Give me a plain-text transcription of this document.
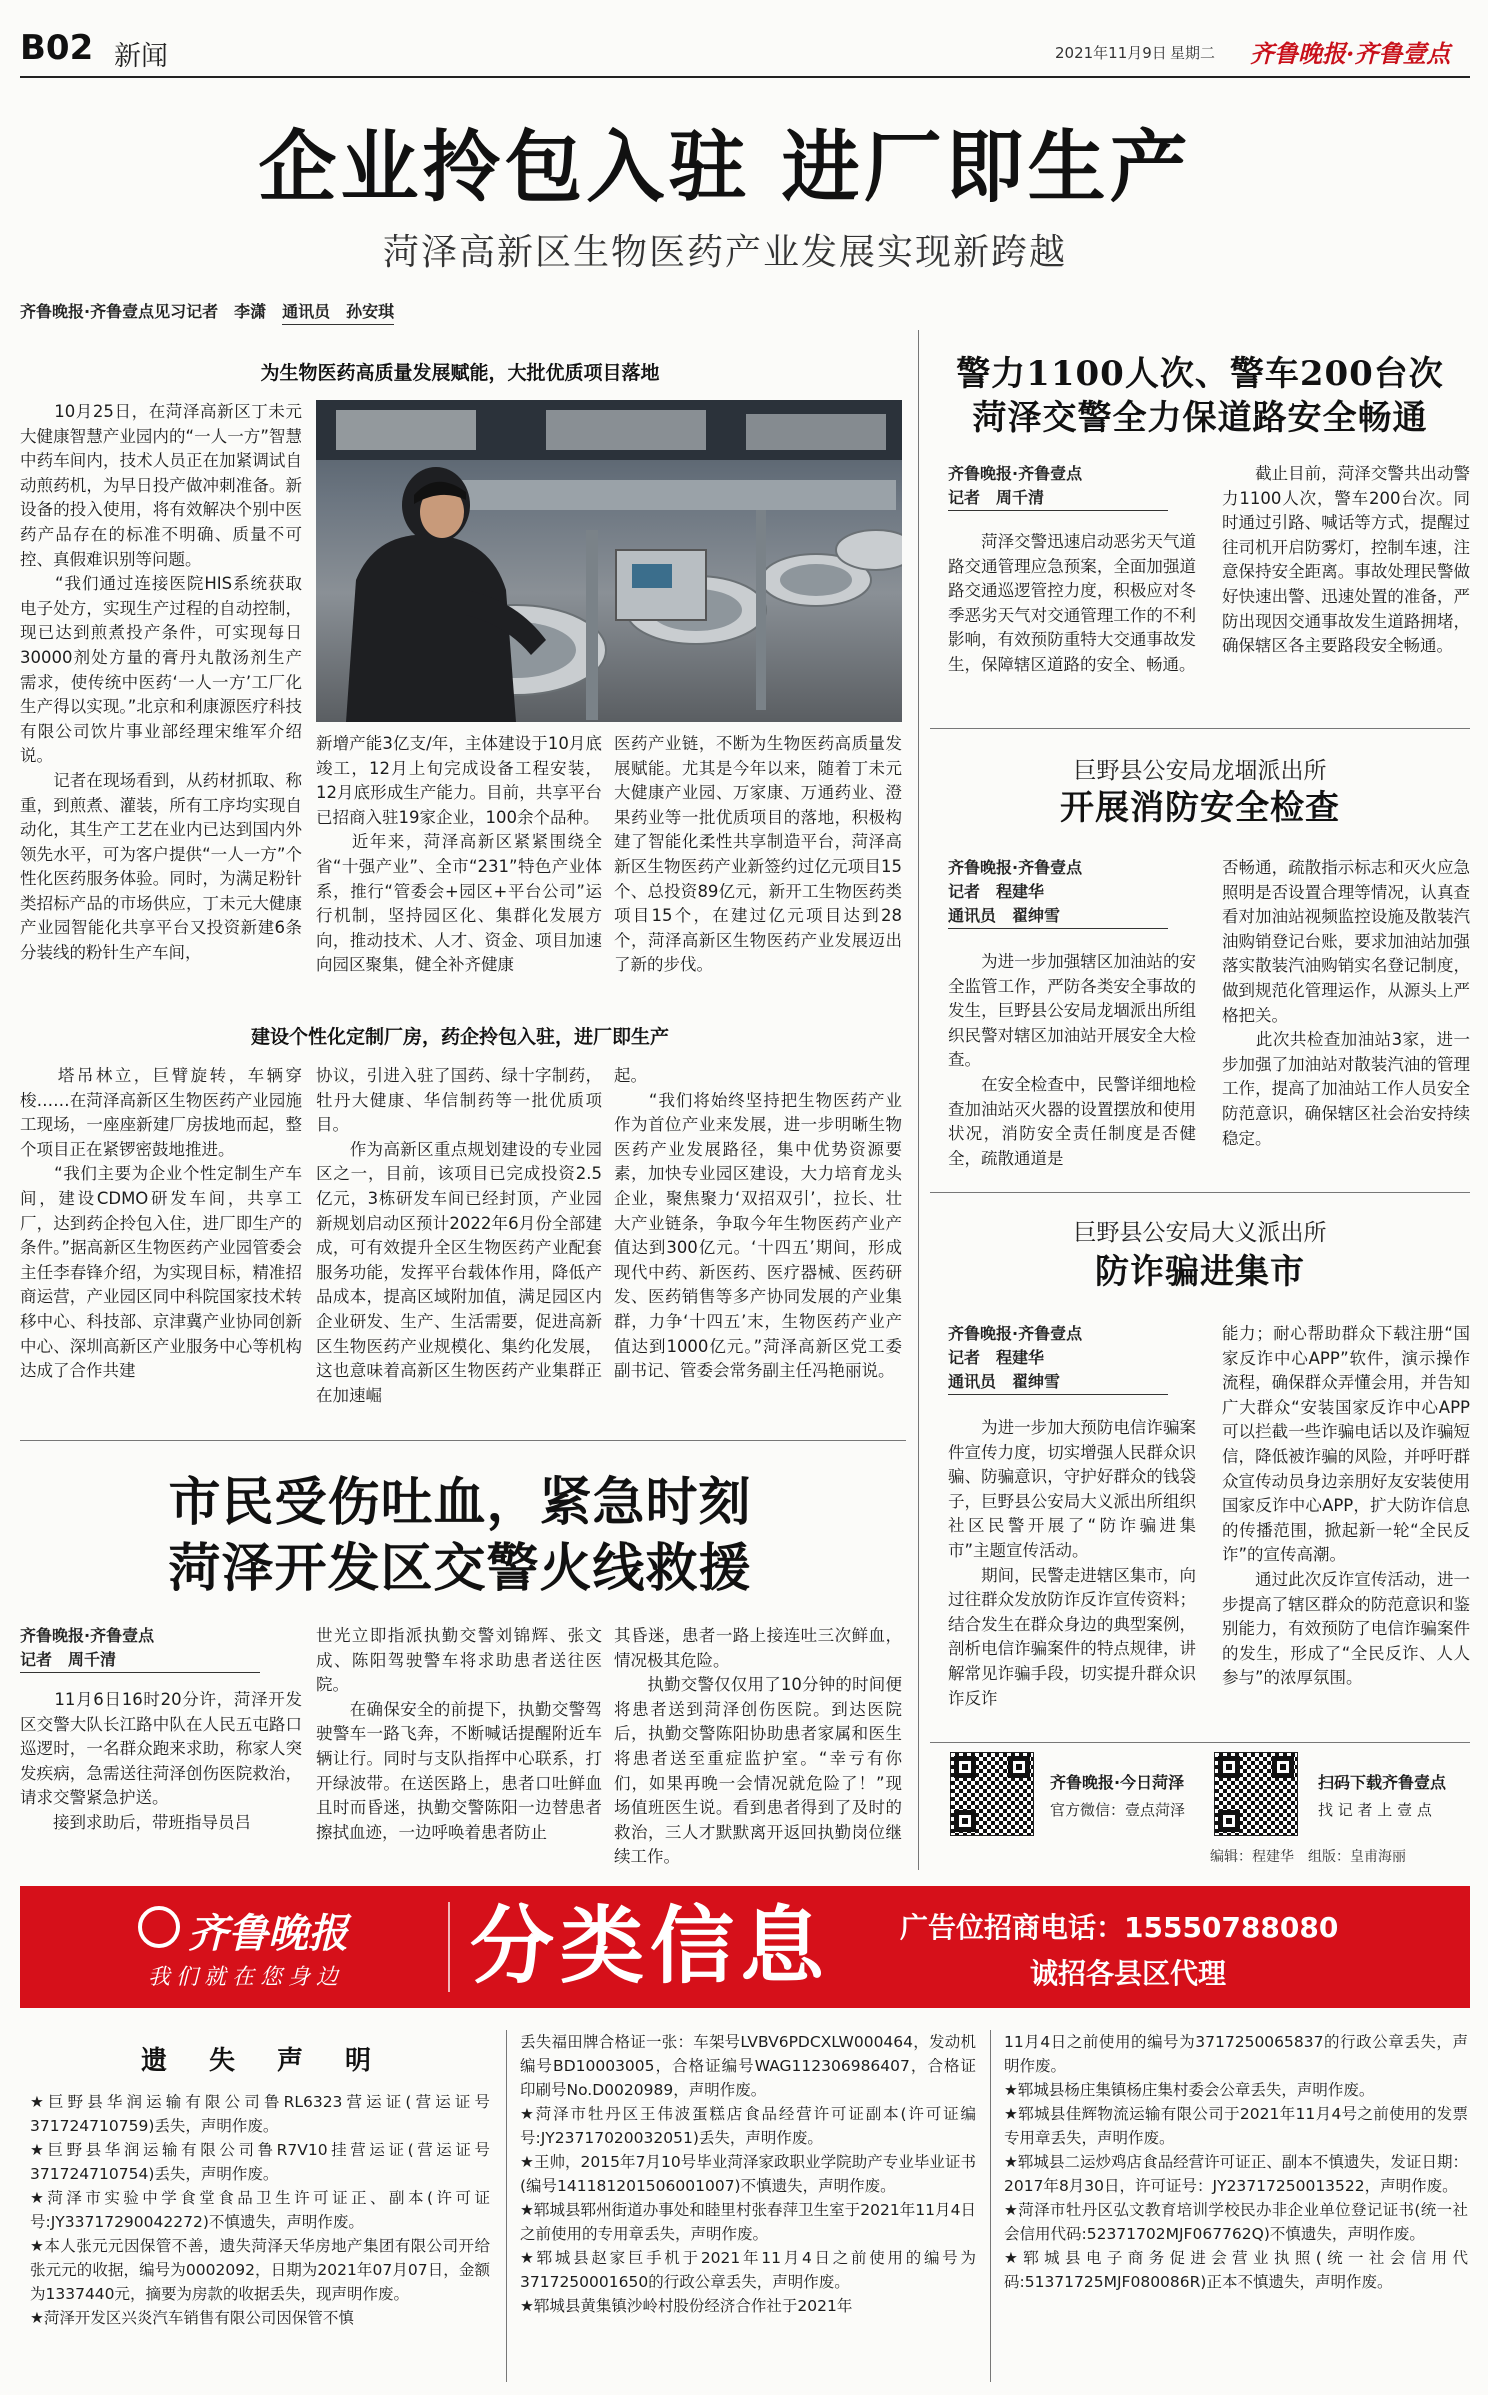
B02 新闻	2021年11月9日 星期二 齐鲁晚报·齐鲁壹点
企业拎包入驻 进厂即生产
菏泽高新区生物医药产业发展实现新跨越
齐鲁晚报·齐鲁壹点见习记者　李潇　通讯员　孙安琪
为生物医药高质量发展赋能，大批优质项目落地
　　10月25日，在菏泽高新区丁未元大健康智慧产业园内的“一人一方”智慧中药车间内，技术人员正在加紧调试自动煎药机，为早日投产做冲刺准备。新设备的投入使用，将有效解决个别中医药产品存在的标准不明确、质量不可控、真假难识别等问题。
　　“我们通过连接医院HIS系统获取电子处方，实现生产过程的自动控制，现已达到煎煮投产条件，可实现每日30000剂处方量的膏丹丸散汤剂生产需求，使传统中医药‘一人一方’工厂化生产得以实现。”北京和利康源医疗科技有限公司饮片事业部经理宋维军介绍说。
　　记者在现场看到，从药材抓取、称重，到煎煮、灌装，所有工序均实现自动化，其生产工艺在业内已达到国内外领先水平，可为客户提供“一人一方”个性化医药服务体验。同时，为满足粉针类招标产品的市场供应，丁未元大健康产业园智能化共享平台又投资新建6条分装线的粉针生产车间，
新增产能3亿支/年，主体建设于10月底竣工，12月上旬完成设备工程安装，12月底形成生产能力。目前，共享平台已招商入驻19家企业，100余个品种。
　　近年来，菏泽高新区紧紧围绕全省“十强产业”、全市“231”特色产业体系，推行“管委会+园区+平台公司”运行机制，坚持园区化、集群化发展方向，推动技术、人才、资金、项目加速向园区聚集，健全补齐健康
医药产业链，不断为生物医药高质量发展赋能。尤其是今年以来，随着丁未元大健康产业园、万家康、万通药业、澄果药业等一批优质项目的落地，积极构建了智能化柔性共享制造平台，菏泽高新区生物医药产业新签约过亿元项目15个、总投资89亿元，新开工生物医药类项目15个，在建过亿元项目达到28个，菏泽高新区生物医药产业发展迈出了新的步伐。
建设个性化定制厂房，药企拎包入驻，进厂即生产
　　塔吊林立，巨臂旋转，车辆穿梭……在菏泽高新区生物医药产业园施工现场，一座座新建厂房拔地而起，整个项目正在紧锣密鼓地推进。
　　“我们主要为企业个性定制生产车间，建设CDMO研发车间，共享工厂，达到药企拎包入住，进厂即生产的条件。”据高新区生物医药产业园管委会主任李春锋介绍，为实现目标，精准招商运营，产业园区同中科院国家技术转移中心、科技部、京津冀产业协同创新中心、深圳高新区产业服务中心等机构达成了合作共建
协议，引进入驻了国药、绿十字制药，牡丹大健康、华信制药等一批优质项目。
　　作为高新区重点规划建设的专业园区之一，目前，该项目已完成投资2.5亿元，3栋研发车间已经封顶，产业园新规划启动区预计2022年6月份全部建成，可有效提升全区生物医药产业配套服务功能，发挥平台载体作用，降低产品成本，提高区域附加值，满足园区内企业研发、生产、生活需要，促进高新区生物医药产业规模化、集约化发展，这也意味着高新区生物医药产业集群正在加速崛
起。
　　“我们将始终坚持把生物医药产业作为首位产业来发展，进一步明晰生物医药产业发展路径，集中优势资源要素，加快专业园区建设，大力培育龙头企业，聚焦聚力‘双招双引’，拉长、壮大产业链条，争取今年生物医药产业产值达到300亿元。‘十四五’期间，形成现代中药、新医药、医疗器械、医药研发、医药销售等多产协同发展的产业集群，力争‘十四五’末，生物医药产业产值达到1000亿元。”菏泽高新区党工委副书记、管委会常务副主任冯艳丽说。
警力1100人次、警车200台次
菏泽交警全力保道路安全畅通
齐鲁晚报·齐鲁壹点
记者　周千清
　　菏泽交警迅速启动恶劣天气道路交通管理应急预案，全面加强道路交通巡逻管控力度，积极应对冬季恶劣天气对交通管理工作的不利影响，有效预防重特大交通事故发生，保障辖区道路的安全、畅通。
　　截止目前，菏泽交警共出动警力1100人次，警车200台次。同时通过引路、喊话等方式，提醒过往司机开启防雾灯，控制车速，注意保持安全距离。事故处理民警做好快速出警、迅速处置的准备，严防出现因交通事故发生道路拥堵，确保辖区各主要路段安全畅通。
巨野县公安局龙堌派出所
开展消防安全检查
齐鲁晚报·齐鲁壹点
记者　程建华
通讯员　翟绅雪
　　为进一步加强辖区加油站的安全监管工作，严防各类安全事故的发生，巨野县公安局龙堌派出所组织民警对辖区加油站开展安全大检查。
　　在安全检查中，民警详细地检查加油站灭火器的设置摆放和使用状况，消防安全责任制度是否健全，疏散通道是
否畅通，疏散指示标志和灭火应急照明是否设置合理等情况，认真查看对加油站视频监控设施及散装汽油购销登记台账，要求加油站加强落实散装汽油购销实名登记制度，做到规范化管理运作，从源头上严格把关。
　　此次共检查加油站3家，进一步加强了加油站对散装汽油的管理工作，提高了加油站工作人员安全防范意识，确保辖区社会治安持续稳定。
巨野县公安局大义派出所
防诈骗进集市
齐鲁晚报·齐鲁壹点
记者　程建华
通讯员　翟绅雪
　　为进一步加大预防电信诈骗案件宣传力度，切实增强人民群众识骗、防骗意识，守护好群众的钱袋子，巨野县公安局大义派出所组织社区民警开展了“防诈骗进集市”主题宣传活动。
　　期间，民警走进辖区集市，向过往群众发放防诈反诈宣传资料；结合发生在群众身边的典型案例，剖析电信诈骗案件的特点规律，讲解常见诈骗手段，切实提升群众识诈反诈
能力；耐心帮助群众下载注册“国家反诈中心APP”软件，演示操作流程，确保群众弄懂会用，并告知广大群众“安装国家反诈中心APP可以拦截一些诈骗电话以及诈骗短信，降低被诈骗的风险，并呼吁群众宣传动员身边亲朋好友安装使用国家反诈中心APP，扩大防诈信息的传播范围，掀起新一轮“全民反诈”的宣传高潮。
　　通过此次反诈宣传活动，进一步提高了辖区群众的防范意识和鉴别能力，有效预防了电信诈骗案件的发生，形成了“全民反诈、人人参与”的浓厚氛围。
齐鲁晚报·今日菏泽
官方微信：壹点菏泽
扫码下载齐鲁壹点
找 记 者 上 壹 点
编辑：程建华　组版：皇甫海丽
市民受伤吐血，紧急时刻
菏泽开发区交警火线救援
齐鲁晚报·齐鲁壹点
记者　周千清
　　11月6日16时20分许，菏泽开发区交警大队长江路中队在人民五屯路口巡逻时，一名群众跑来求助，称家人突发疾病，急需送往菏泽创伤医院救治，请求交警紧急护送。
　　接到求助后，带班指导员吕
世光立即指派执勤交警刘锦辉、张文成、陈阳驾驶警车将求助患者送往医院。
　　在确保安全的前提下，执勤交警驾驶警车一路飞奔，不断喊话提醒附近车辆让行。同时与支队指挥中心联系，打开绿波带。在送医路上，患者口吐鲜血且时而昏迷，执勤交警陈阳一边替患者擦拭血迹，一边呼唤着患者防止
其昏迷，患者一路上接连吐三次鲜血，情况极其危险。
　　执勤交警仅仅用了10分钟的时间便将患者送到菏泽创伤医院。到达医院后，执勤交警陈阳协助患者家属和医生将患者送至重症监护室。“幸亏有你们，如果再晚一会情况就危险了！”现场值班医生说。看到患者得到了及时的救治，三人才默默离开返回执勤岗位继续工作。
齐鲁晚报
我们就在您身边 分类信息 广告位招商电话：15550788080
诚招各县区代理
遗　失　声　明
★巨野县华润运输有限公司鲁RL6323营运证(营运证号371724710759)丢失，声明作废。
★巨野县华润运输有限公司鲁R7V10挂营运证(营运证号371724710754)丢失，声明作废。
★菏泽市实验中学食堂食品卫生许可证正、副本(许可证号:JY33717290042272)不慎遗失，声明作废。
★本人张元元因保管不善，遗失菏泽天华房地产集团有限公司开给张元元的收据，编号为0002092，日期为2021年07月07日，金额为1337440元，摘要为房款的收据丢失，现声明作废。
★菏泽开发区兴炎汽车销售有限公司因保管不慎
丢失福田牌合格证一张：车架号LVBV6PDCXLW000464，发动机编号BD10003005，合格证编号WAG112306986407，合格证印刷号No.D0020989，声明作废。
★菏泽市牡丹区王伟波蛋糕店食品经营许可证副本(许可证编号:JY23717020032051)丢失，声明作废。
★王帅，2015年7月10号毕业菏泽家政职业学院助产专业毕业证书(编号141181201506001007)不慎遗失，声明作废。
★郓城县郓州街道办事处和睦里村张春萍卫生室于2021年11月4日之前使用的专用章丢失，声明作废。
★郓城县赵家巨手机于2021年11月4日之前使用的编号为3717250001650的行政公章丢失，声明作废。
★郓城县黄集镇沙岭村股份经济合作社于2021年
11月4日之前使用的编号为3717250065837的行政公章丢失，声明作废。
★郓城县杨庄集镇杨庄集村委会公章丢失，声明作废。
★郓城县佳辉物流运输有限公司于2021年11月4号之前使用的发票专用章丢失，声明作废。
★郓城县二运炒鸡店食品经营许可证正、副本不慎遗失，发证日期：2017年8月30日，许可证号：JY23717250013522，声明作废。
★菏泽市牡丹区弘文教育培训学校民办非企业单位登记证书(统一社会信用代码:52371702MJF067762Q)不慎遗失，声明作废。
★郓城县电子商务促进会营业执照(统一社会信用代码:51371725MJF080086R)正本不慎遗失，声明作废。
